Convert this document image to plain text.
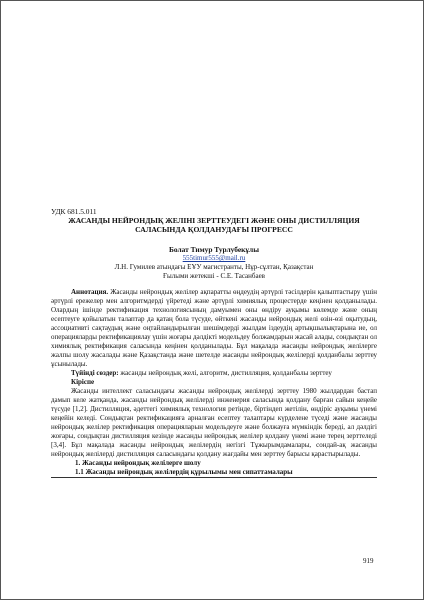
УДК 681.5.011

ЖАСАНДЫ НЕЙРОНДЫҚ ЖЕЛІНІ ЗЕРТТЕУДЕГІ ЖӘНЕ ОНЫ ДИСТИЛЛЯЦИЯ

САЛАСЫНДА ҚОЛДАНУДАҒЫ ПРОГРЕСС

Болат Тимур Турлубекұлы

555timur555@mail.ru

Л.Н. Гумилев атындағы ЕҰУ магистранты, Нұр-сұлтан, Қазақстан

Ғылыми жетекші - С.Е. Тасанбаев

Аннотация. Жасанды нейрондық желілер ақпаратты өңдеудің әртүрлі тәсілдерін қалыптастыру үшін әртүрлі ережелер мен алгоритмдерді үйретеді және әртүрлі химиялық процестерде кеңінен қолданылады. Олардың ішінде ректификация технологиясының дамуымен оны өндіру ауқымы көлемде және оның есептеуге қойылатын талаптар да қатаң бола түсуде, өйткені жасанды нейрондық желі өзін-өзі оқытудың, ассоциативті сақтаудың және оңтайландырылған шешімдерді жылдам іздеудің артықшылықтарына ие, ол операцияларды ректификациялау үшін жоғары дәлдікті модельдеу болжамдарын жасай алады, сондықтан ол химиялық ректификация саласында кеңінен қолданылады. Бұл мақалада жасанды нейрондық желілерге жалпы шолу жасалады және Қазақстанда және шетелде жасанды нейрондық желілерді қолданбалы зерттеу ұсынылады.

Түйінді сөздер: жасанды нейрондық желі, алгоритм, дистилляция, қолданбалы зерттеу

Кіріспе

Жасанды интеллект саласындағы жасанды нейрондық желілерді зерттеу 1980 жылдардан бастап дамып келе жатқанда, жасанды нейрондық желілерді инженерия саласында қолдану барған сайын кеңейе түсуде [1,2]. Дистилляция, әдеттегі химиялық технология ретінде, біртіндеп жетілін, өндіріс ауқымы үнемі кеңейін келеді. Сондықтан ректификацияға арналған есептеу талаптары күрделене түседі және жасанды нейрондық желілер ректификация операцияларын модельдеуге және болжауға мүмкіндік береді, ал дәлдігі жоғары, сондықтан дистилляция кезінде жасанды нейрондық желілер қолдану үнемі және терең зерттеледі [3,4]. Бұл мақалада жасанды нейрондық желілердің негізгі Тұжырымдамалары, сондай-ақ жасанды нейрондық желілерді дистилляция саласындағы қолдану жағдайы мен зерттеу барысы қарастырылады.

1. Жасанды нейрондық желілерге шолу

1.1 Жасанды нейрондық желілердің құрылымы мен сипаттамалары

919
